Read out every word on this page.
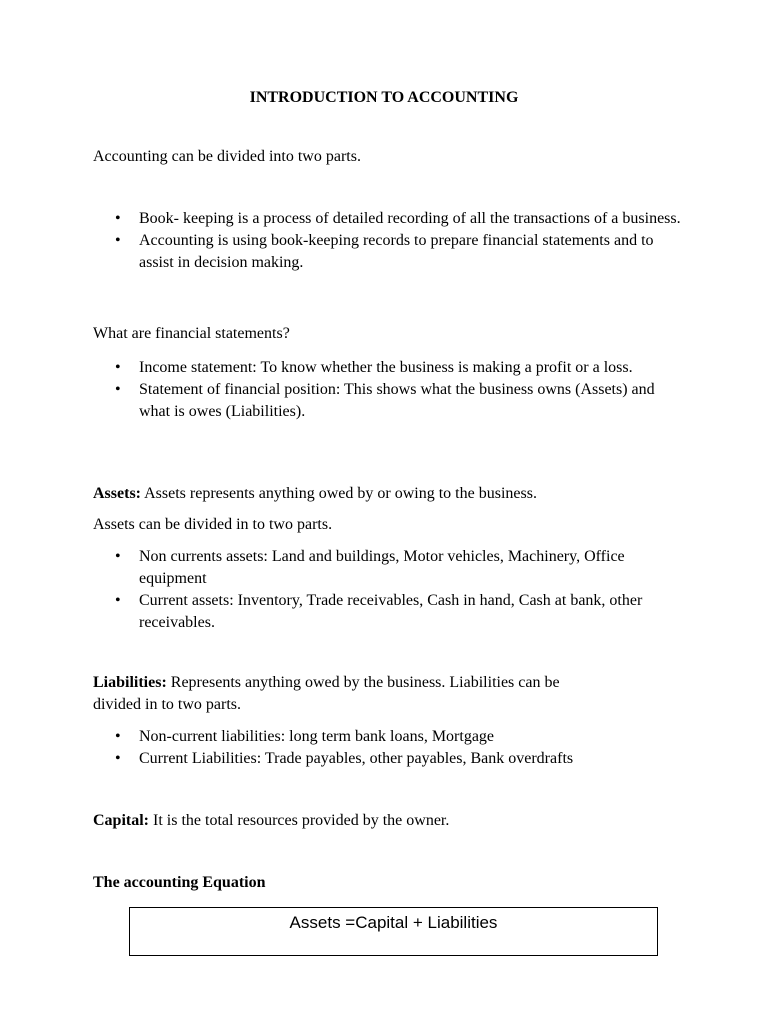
INTRODUCTION TO ACCOUNTING

Accounting can be divided into two parts.

• Book- keeping is a process of detailed recording of all the transactions of a business.
• Accounting is using book-keeping records to prepare financial statements and to assist in decision making.

What are financial statements?

• Income statement: To know whether the business is making a profit or a loss.
• Statement of financial position: This shows what the business owns (Assets) and what is owes (Liabilities).

Assets: Assets represents anything owed by or owing to the business.

Assets can be divided in to two parts.

• Non currents assets: Land and buildings, Motor vehicles, Machinery, Office equipment
• Current assets: Inventory, Trade receivables, Cash in hand, Cash at bank, other receivables.

Liabilities: Represents anything owed by the business. Liabilities can be

divided in to two parts.

• Non-current liabilities: long term bank loans, Mortgage
• Current Liabilities: Trade payables, other payables, Bank overdrafts

Capital: It is the total resources provided by the owner.

The accounting Equation

Assets =Capital + Liabilities
